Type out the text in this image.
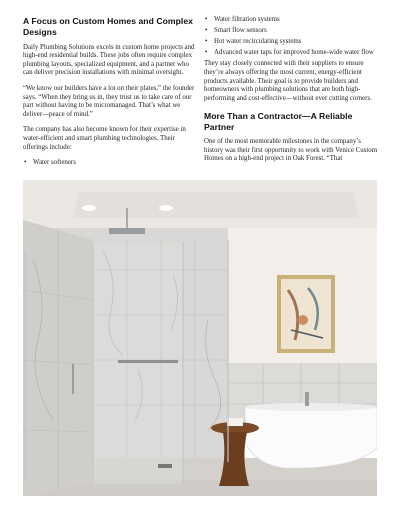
A Focus on Custom Homes and Complex Designs

Daily Plumbing Solutions excels in custom home projects and high-end residential builds. These jobs often require complex plumbing layouts, specialized equipment, and a partner who can deliver precision installations with minimal oversight.

“We know our builders have a lot on their plates,” the founder says. “When they bring us in, they trust us to take care of our part without having to be micromanaged. That’s what we deliver—peace of mind.”

The company has also become known for their expertise in water-efficient and smart plumbing technologies. Their offerings include:

• Water softeners
• Water filtration systems
• Smart flow sensors
• Hot water recirculating systems
• Advanced water taps for improved home-wide water flow

They stay closely connected with their suppliers to ensure they’re always offering the most current, energy-efficient products available. Their goal is to provide builders and homeowners with plumbing solutions that are both high-performing and cost-effective—without ever cutting corners.

More Than a Contractor—A Reliable Partner

One of the most memorable milestones in the company’s history was their first opportunity to work with Venice Custom Homes on a high-end project in Oak Forest. “That
